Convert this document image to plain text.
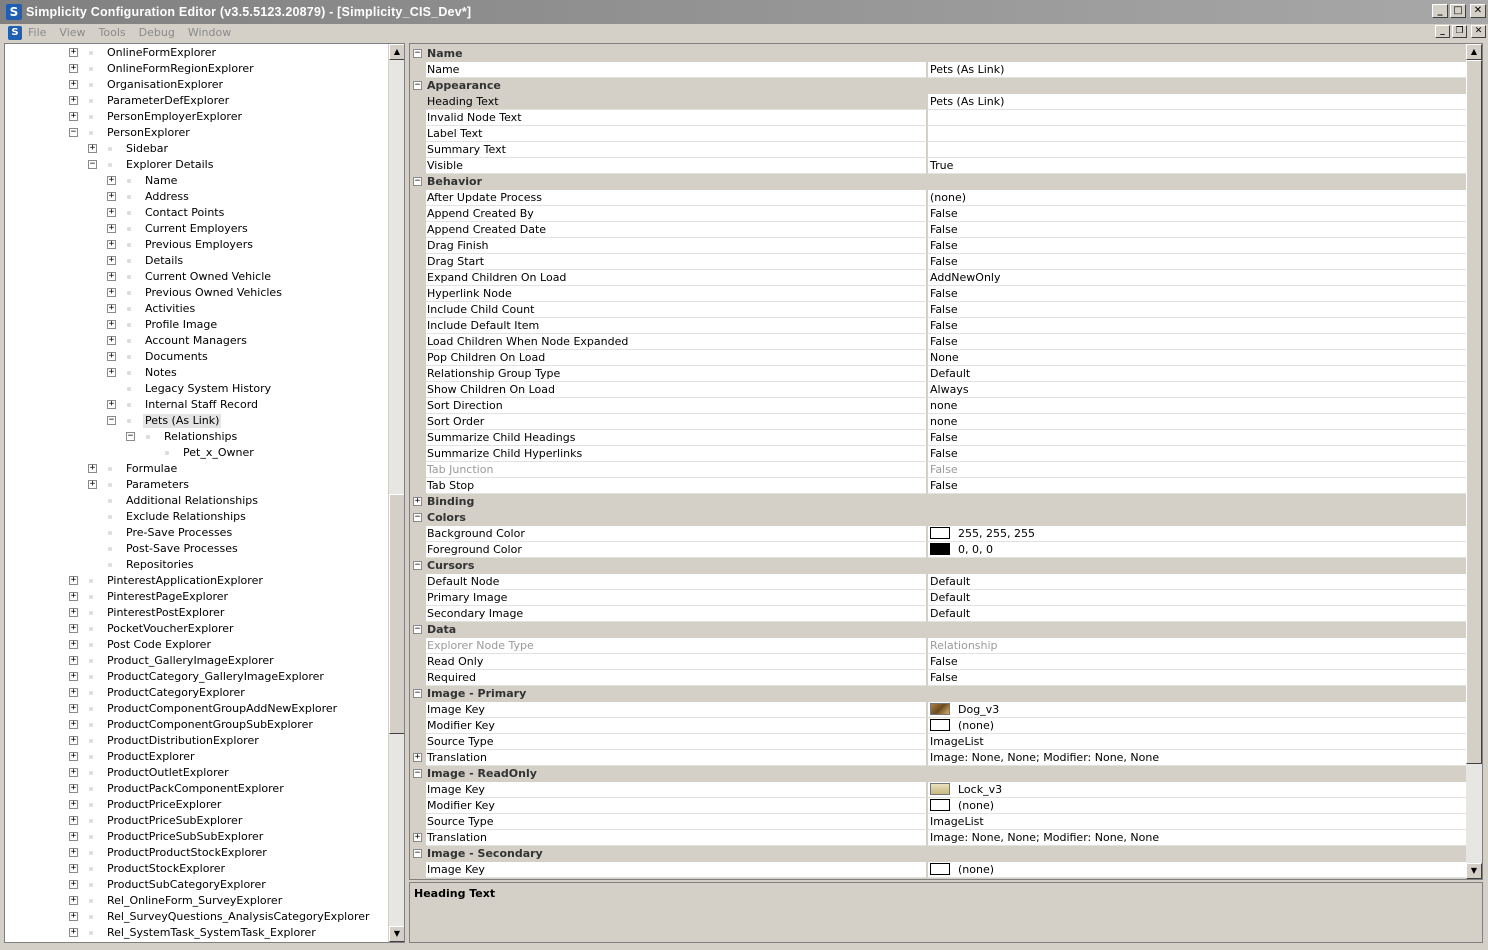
S Simplicity Configuration Editor (v3.5.5123.20879) - [Simplicity_CIS_Dev*]	_	□	✕
S File View Tools Debug Window	_	❐	✕
+	OnlineFormExplorer
+	OnlineFormRegionExplorer
+	OrganisationExplorer
+	ParameterDefExplorer
+	PersonEmployerExplorer
−	PersonExplorer
+	Sidebar
−	Explorer Details
+	Name
+	Address
+	Contact Points
+	Current Employers
+	Previous Employers
+	Details
+	Current Owned Vehicle
+	Previous Owned Vehicles
+	Activities
+	Profile Image
+	Account Managers
+	Documents
+	Notes
Legacy System History
+	Internal Staff Record
−	Pets (As Link)
−	Relationships
Pet_x_Owner
+	Formulae
+	Parameters
Additional Relationships
Exclude Relationships
Pre-Save Processes
Post-Save Processes
Repositories
+	PinterestApplicationExplorer
+	PinterestPageExplorer
+	PinterestPostExplorer
+	PocketVoucherExplorer
+	Post Code Explorer
+	Product_GalleryImageExplorer
+	ProductCategory_GalleryImageExplorer
+	ProductCategoryExplorer
+	ProductComponentGroupAddNewExplorer
+	ProductComponentGroupSubExplorer
+	ProductDistributionExplorer
+	ProductExplorer
+	ProductOutletExplorer
+	ProductPackComponentExplorer
+	ProductPriceExplorer
+	ProductPriceSubExplorer
+	ProductPriceSubSubExplorer
+	ProductProductStockExplorer
+	ProductStockExplorer
+	ProductSubCategoryExplorer
+	Rel_OnlineForm_SurveyExplorer
+	Rel_SurveyQuestions_AnalysisCategoryExplorer
+	Rel_SystemTask_SystemTask_Explorer
▲
▼
− Name
Name	Pets (As Link)
− Appearance
Heading Text	Pets (As Link)
Invalid Node Text
Label Text
Summary Text
Visible	True
− Behavior
After Update Process	(none)
Append Created By	False
Append Created Date	False
Drag Finish	False
Drag Start	False
Expand Children On Load	AddNewOnly
Hyperlink Node	False
Include Child Count	False
Include Default Item	False
Load Children When Node Expanded	False
Pop Children On Load	None
Relationship Group Type	Default
Show Children On Load	Always
Sort Direction	none
Sort Order	none
Summarize Child Headings	False
Summarize Child Hyperlinks	False
Tab Junction	False
Tab Stop	False
+ Binding
− Colors
Background Color	255, 255, 255
Foreground Color	0, 0, 0
− Cursors
Default Node	Default
Primary Image	Default
Secondary Image	Default
− Data
Explorer Node Type	Relationship
Read Only	False
Required	False
− Image - Primary
Image Key	Dog_v3
Modifier Key	(none)
Source Type	ImageList
+ Translation	Image: None, None; Modifier: None, None
− Image - ReadOnly
Image Key	Lock_v3
Modifier Key	(none)
Source Type	ImageList
+ Translation	Image: None, None; Modifier: None, None
− Image - Secondary
Image Key	(none)
▲
▼
Heading Text
